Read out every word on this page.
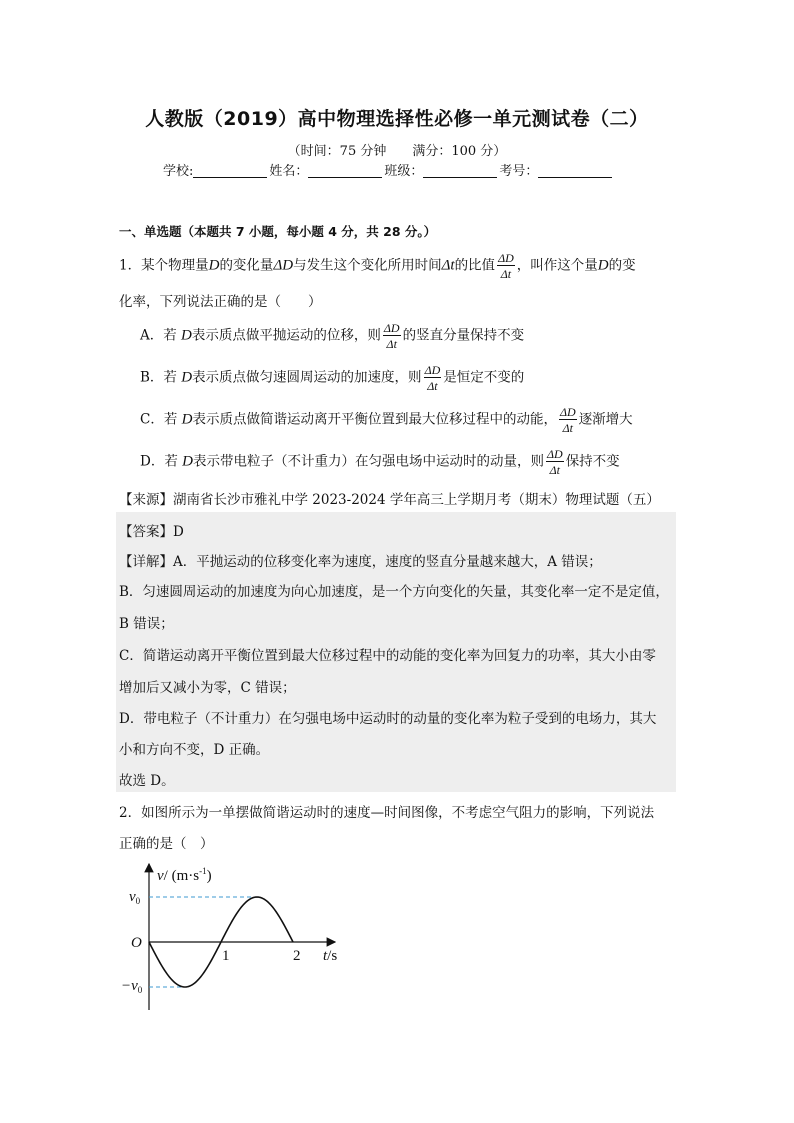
人教版（2019）高中物理选择性必修一单元测试卷（二）
（时间：75 分钟 满分：100 分）
学校:	姓名：	班级：	考号：
一、单选题（本题共 7 小题，每小题 4 分，共 28 分。）
1．某个物理量D的变化量ΔD与发生这个变化所用时间Δt的比值 $\frac{\Delta D}{\Delta t}$ ，叫作这个量D的变
化率，下列说法正确的是（　　）
A．若 D表示质点做平抛运动的位移，则 $\frac{\Delta D}{\Delta t}$ 的竖直分量保持不变
B．若 D表示质点做匀速圆周运动的加速度，则 $\frac{\Delta D}{\Delta t}$ 是恒定不变的
C．若 D表示质点做简谐运动离开平衡位置到最大位移过程中的动能， $\frac{\Delta D}{\Delta t}$ 逐渐增大
D．若 D表示带电粒子（不计重力）在匀强电场中运动时的动量，则 $\frac{\Delta D}{\Delta t}$ 保持不变
【来源】湖南省长沙市雅礼中学 2023-2024 学年高三上学期月考（期末）物理试题（五）
【答案】D
【详解】A．平抛运动的位移变化率为速度，速度的竖直分量越来越大，A 错误；
B．匀速圆周运动的加速度为向心加速度，是一个方向变化的矢量，其变化率一定不是定值，
B 错误；
C．简谐运动离开平衡位置到最大位移过程中的动能的变化率为回复力的功率，其大小由零
增加后又减小为零，C 错误；
D．带电粒子（不计重力）在匀强电场中运动时的动量的变化率为粒子受到的电场力，其大
小和方向不变，D 正确。
故选 D。
2．如图所示为一单摆做简谐运动时的速度—时间图像，不考虑空气阻力的影响，下列说法
正确的是（　）
v/ $(m\cdot s^{-1})$
$v_0$
$-v_0$
O
1	2 t/s
